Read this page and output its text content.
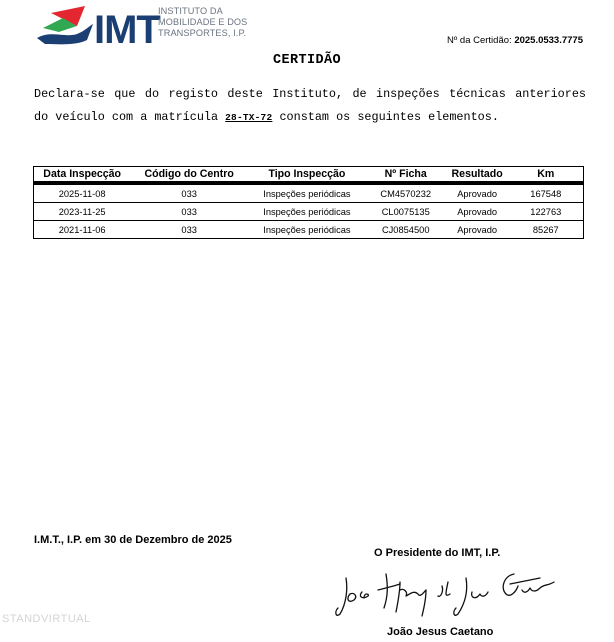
IMT
INSTITUTO DA
MOBILIDADE E DOS
TRANSPORTES, I.P.
Nº da Certidão: 2025.0533.7775
CERTIDÃO
Declara-se que do registo deste Instituto, de inspeções técnicas anteriores do veículo com a matrícula 28-TX-72 constam os seguintes elementos.
Data Inspecção	Código do Centro	Tipo Inspecção	Nº Ficha	Resultado	Km
2025-11-08	033	Inspeções periódicas	CM4570232	Aprovado	167548
2023-11-25	033	Inspeções periódicas	CL0075135	Aprovado	122763
2021-11-06	033	Inspeções periódicas	CJ0854500	Aprovado	85267
I.M.T., I.P. em 30 de Dezembro de 2025
O Presidente do IMT, I.P.
João Jesus Caetano
STANDVIRTUAL
